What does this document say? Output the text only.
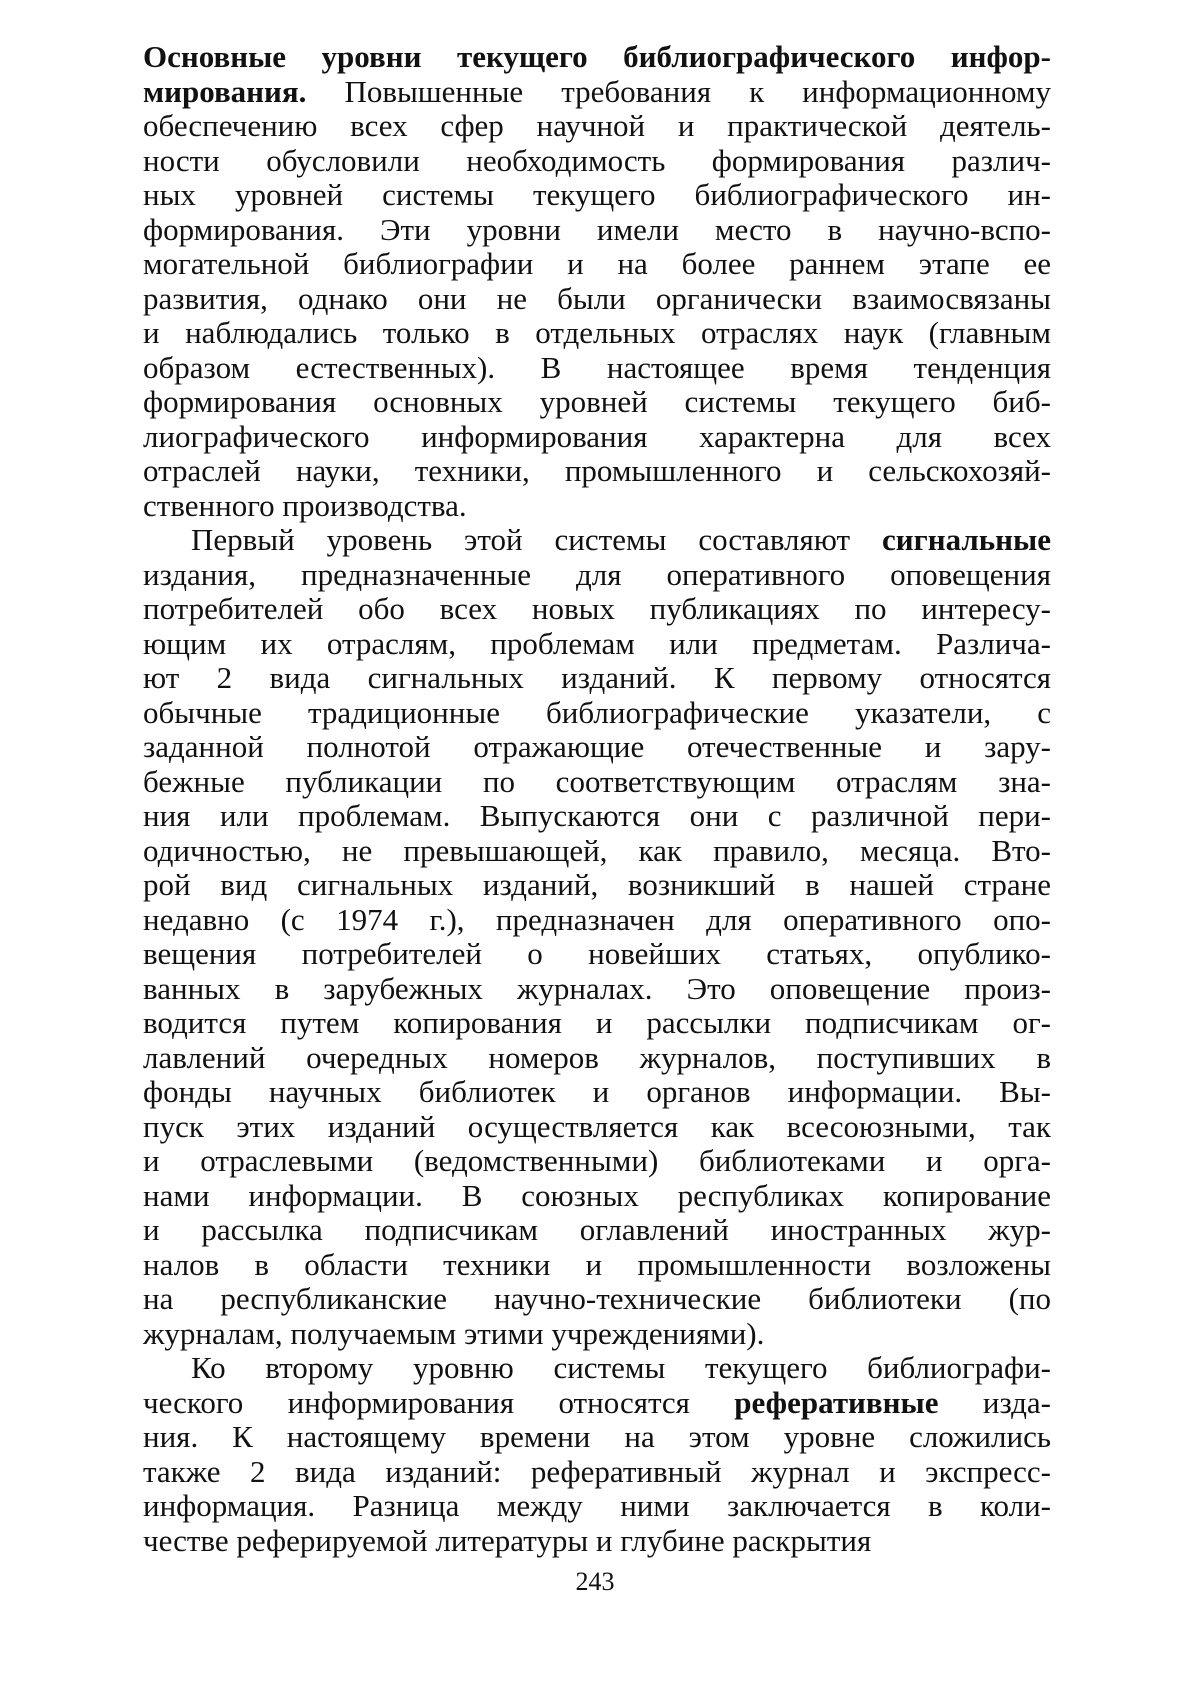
Основные уровни текущего библиографического инфор-
мирования. Повышенные требования к информационному
обеспечению всех сфер научной и практической деятель-
ности обусловили необходимость формирования различ-
ных уровней системы текущего библиографического ин-
формирования. Эти уровни имели место в научно-вспо-
могательной библиографии и на более раннем этапе ее
развития, однако они не были органически взаимосвязаны
и наблюдались только в отдельных отраслях наук (главным
образом естественных). В настоящее время тенденция
формирования основных уровней системы текущего биб-
лиографического информирования характерна для всех
отраслей науки, техники, промышленного и сельскохозяй-
ственного производства.
Первый уровень этой системы составляют сигнальные
издания, предназначенные для оперативного оповещения
потребителей обо всех новых публикациях по интересу-
ющим их отраслям, проблемам или предметам. Различа-
ют 2 вида сигнальных изданий. К первому относятся
обычные традиционные библиографические указатели, с
заданной полнотой отражающие отечественные и зару-
бежные публикации по соответствующим отраслям зна-
ния или проблемам. Выпускаются они с различной пери-
одичностью, не превышающей, как правило, месяца. Вто-
рой вид сигнальных изданий, возникший в нашей стране
недавно (с 1974 г.), предназначен для оперативного опо-
вещения потребителей о новейших статьях, опублико-
ванных в зарубежных журналах. Это оповещение произ-
водится путем копирования и рассылки подписчикам ог-
лавлений очередных номеров журналов, поступивших в
фонды научных библиотек и органов информации. Вы-
пуск этих изданий осуществляется как всесоюзными, так
и отраслевыми (ведомственными) библиотеками и орга-
нами информации. В союзных республиках копирование
и рассылка подписчикам оглавлений иностранных жур-
налов в области техники и промышленности возложены
на республиканские научно-технические библиотеки (по
журналам, получаемым этими учреждениями).
Ко второму уровню системы текущего библиографи-
ческого информирования относятся реферативные изда-
ния. К настоящему времени на этом уровне сложились
также 2 вида изданий: реферативный журнал и экспресс-
информация. Разница между ними заключается в коли-
честве реферируемой литературы и глубине раскрытия
243
